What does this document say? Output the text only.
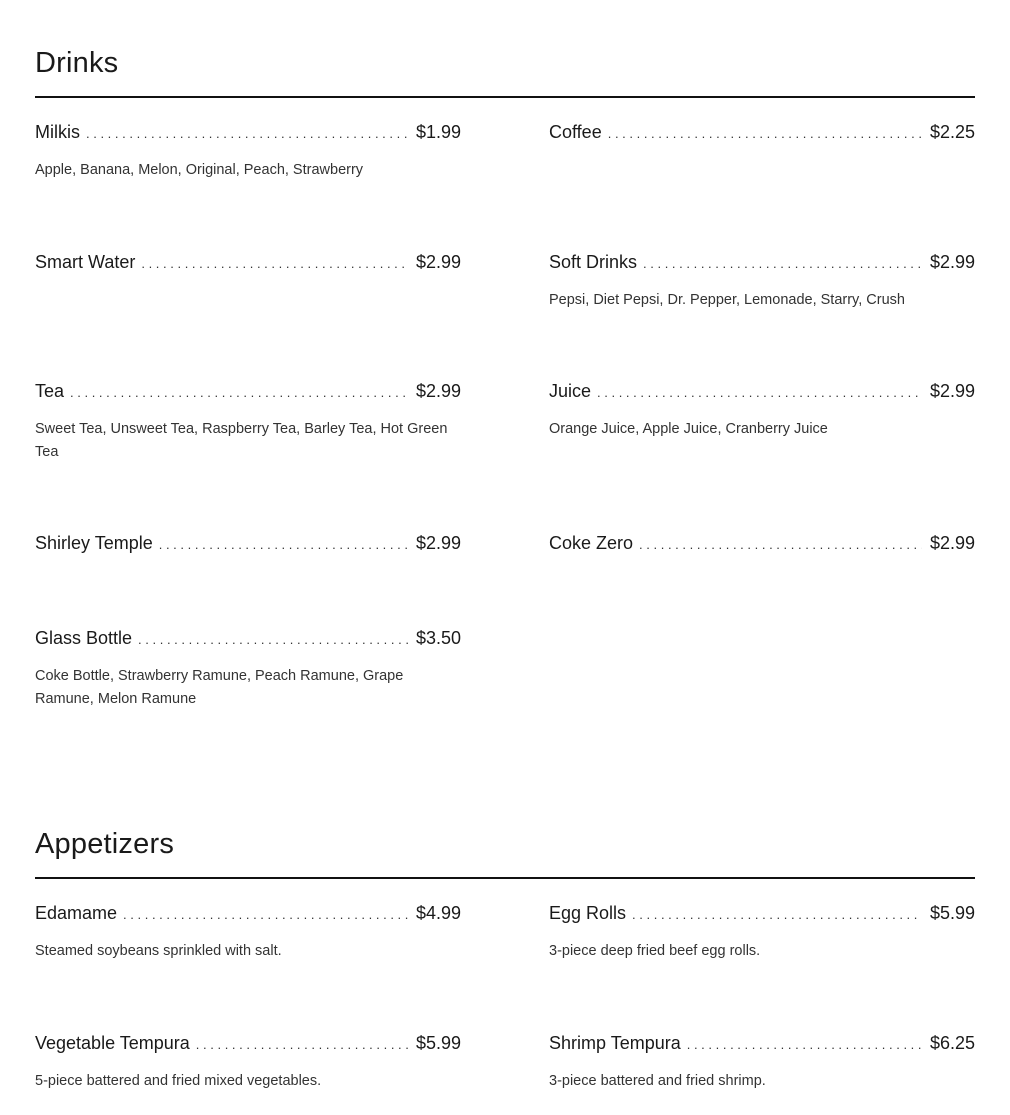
Drinks
Milkis . . .	$1.99
Apple, Banana, Melon, Original, Peach, Strawberry
Coffee . . .	$2.25
Smart Water . . .	$2.99	Soft Drinks . . .	$2.99
Pepsi, Diet Pepsi, Dr. Pepper, Lemonade, Starry, Crush
Tea . . .	$2.99
Sweet Tea, Unsweet Tea, Raspberry Tea, Barley Tea, Hot Green Tea
Juice . . .	$2.99
Orange Juice, Apple Juice, Cranberry Juice
Shirley Temple . . .	$2.99	Coke Zero . . .	$2.99
Glass Bottle . . .	$3.50
Coke Bottle, Strawberry Ramune, Peach Ramune, Grape Ramune, Melon Ramune
Appetizers
Edamame . . .	$4.99
Steamed soybeans sprinkled with salt.
Egg Rolls . . .	$5.99
3-piece deep fried beef egg rolls.
Vegetable Tempura . . .	$5.99
5-piece battered and fried mixed vegetables.
Shrimp Tempura . . .	$6.25
3-piece battered and fried shrimp.
